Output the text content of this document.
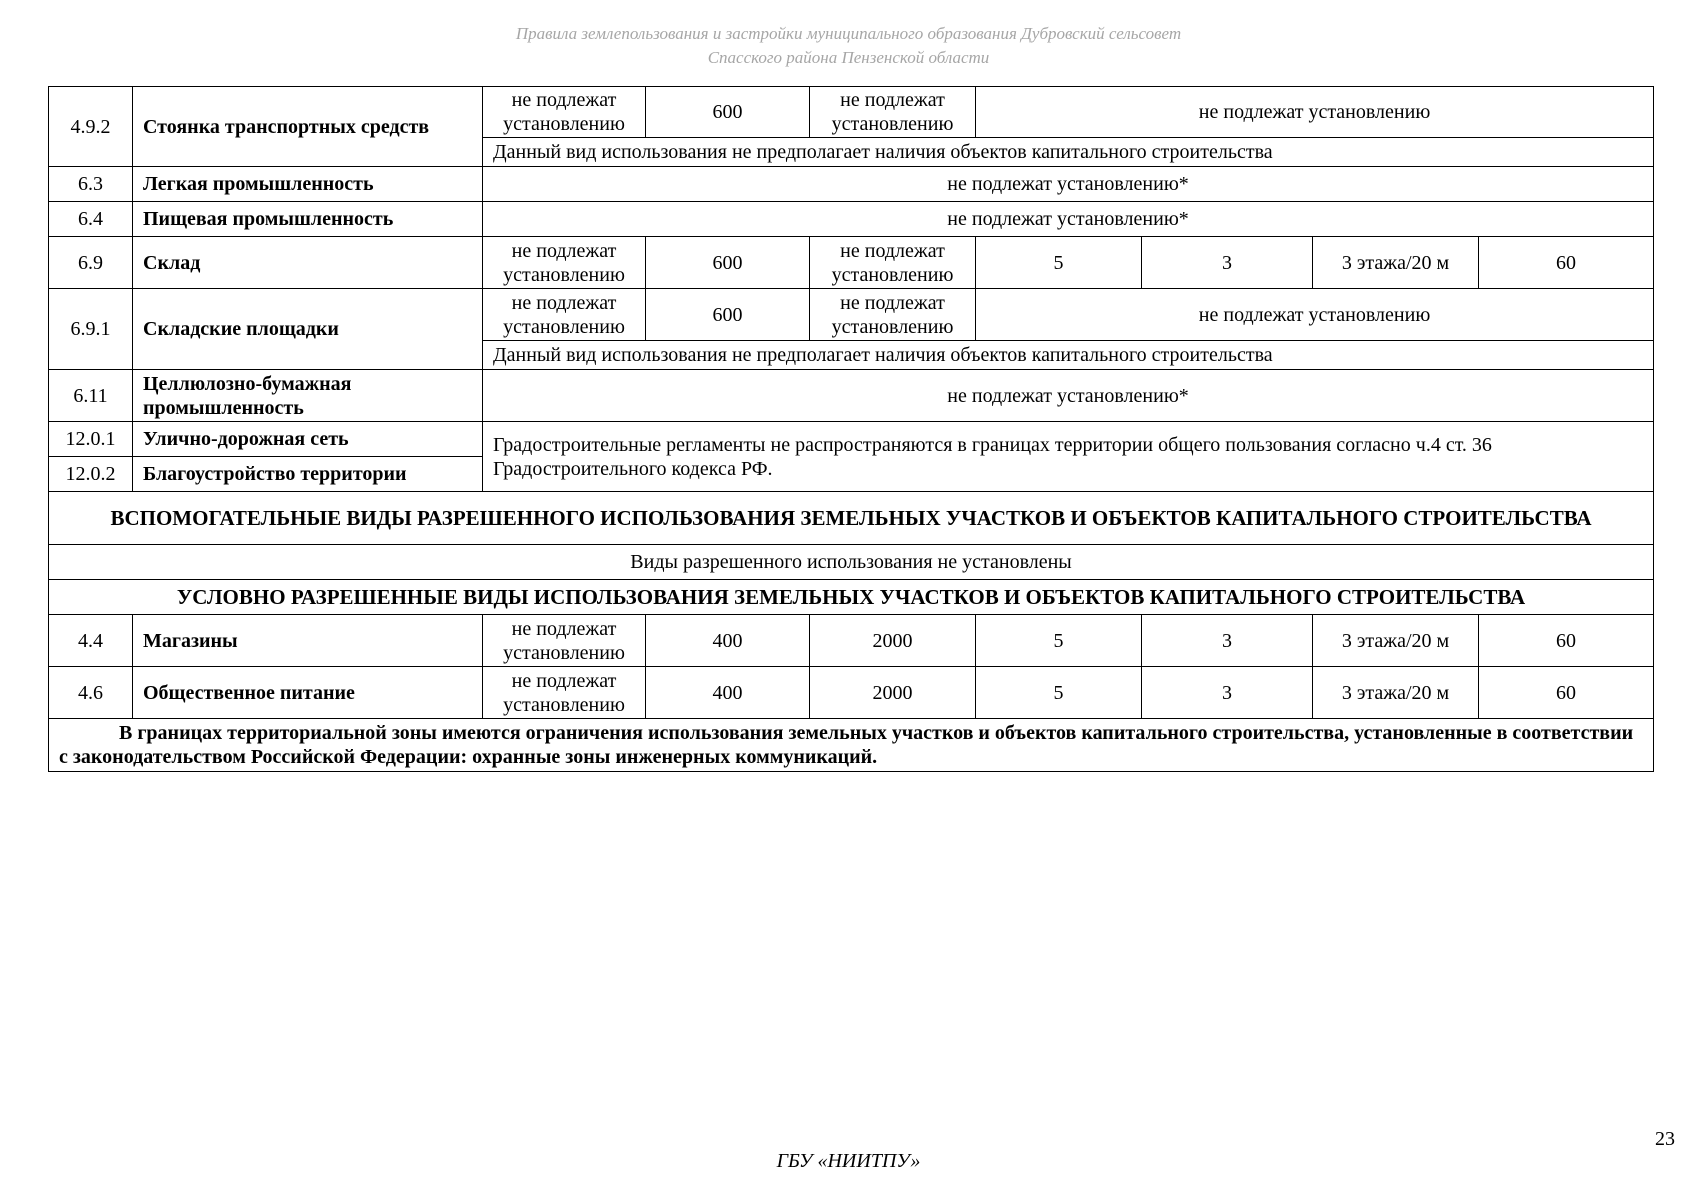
Правила землепользования и застройки муниципального образования Дубровский сельсовет
Спасского района Пензенской области
4.9.2	Стоянка транспортных средств	не подлежат установлению	600	не подлежат установлению	не подлежат установлению			
		Данный вид использования не предполагает наличия объектов капитального строительства						
6.3	Легкая промышленность	не подлежат установлению*						
6.4	Пищевая промышленность	не подлежат установлению*						
6.9	Склад	не подлежат установлению	600	не подлежат установлению	5	3	3 этажа/20 м	60
6.9.1	Складские площадки	не подлежат установлению	600	не подлежат установлению	не подлежат установлению			
		Данный вид использования не предполагает наличия объектов капитального строительства						
6.11	Целлюлозно-бумажная промышленность	не подлежат установлению*						
12.0.1	Улично-дорожная сеть	Градостроительные регламенты не распространяются в границах территории общего пользования согласно ч.4 ст. 36 Градостроительного кодекса РФ.						
12.0.2	Благоустройство территории							
ВСПОМОГАТЕЛЬНЫЕ ВИДЫ РАЗРЕШЕННОГО ИСПОЛЬЗОВАНИЯ ЗЕМЕЛЬНЫХ УЧАСТКОВ И ОБЪЕКТОВ КАПИТАЛЬНОГО СТРОИТЕЛЬСТВА								
Виды разрешенного использования не установлены								
УСЛОВНО РАЗРЕШЕННЫЕ ВИДЫ ИСПОЛЬЗОВАНИЯ ЗЕМЕЛЬНЫХ УЧАСТКОВ И ОБЪЕКТОВ КАПИТАЛЬНОГО СТРОИТЕЛЬСТВА								
4.4	Магазины	не подлежат установлению	400	2000	5	3	3 этажа/20 м	60
4.6	Общественное питание	не подлежат установлению	400	2000	5	3	3 этажа/20 м	60
В границах территориальной зоны имеются ограничения использования земельных участков и объектов капитального строительства, установленные в соответствии с законодательством Российской Федерации: охранные зоны инженерных коммуникаций.								
23
ГБУ «НИИТПУ»
